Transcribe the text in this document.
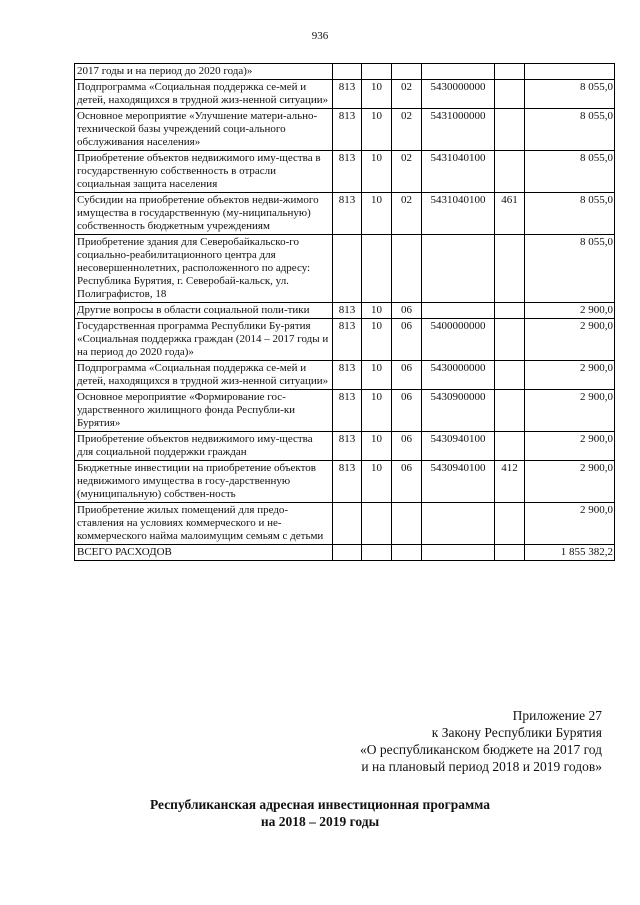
936
2017 годы и на период до 2020 года)»						
Подпрограмма «Социальная поддержка се-мей и детей, находящихся в трудной жиз-ненной ситуации»	813	10	02	5430000000		8 055,0
Основное мероприятие «Улучшение матери-ально-технической базы учреждений соци-ального обслуживания населения»	813	10	02	5431000000		8 055,0
Приобретение объектов недвижимого иму-щества в государственную собственность в отрасли социальная защита населения	813	10	02	5431040100		8 055,0
Субсидии на приобретение объектов недви-жимого имущества в государственную (му-ниципальную) собственность бюджетным учреждениям	813	10	02	5431040100	461	8 055,0
Приобретение здания для Северобайкальско-го социально-реабилитационного центра для несовершеннолетних, расположенного по адресу: Республика Бурятия, г. Северобай-кальск, ул. Полиграфистов, 18						8 055,0
Другие вопросы в области социальной поли-тики	813	10	06			2 900,0
Государственная программа Республики Бу-рятия «Социальная поддержка граждан (2014 – 2017 годы и на период до 2020 года)»	813	10	06	5400000000		2 900,0
Подпрограмма «Социальная поддержка се-мей и детей, находящихся в трудной жиз-ненной ситуации»	813	10	06	5430000000		2 900,0
Основное мероприятие «Формирование гос-ударственного жилищного фонда Республи-ки Бурятия»	813	10	06	5430900000		2 900,0
Приобретение объектов недвижимого иму-щества для социальной поддержки граждан	813	10	06	5430940100		2 900,0
Бюджетные инвестиции на приобретение объектов недвижимого имущества в госу-дарственную (муниципальную) собствен-ность	813	10	06	5430940100	412	2 900,0
Приобретение жилых помещений для предо-ставления на условиях коммерческого и не-коммерческого найма малоимущим семьям с детьми						2 900,0
ВСЕГО РАСХОДОВ						1 855 382,2
Приложение 27
к Закону Республики Бурятия
«О республиканском бюджете на 2017 год
и на плановый период 2018 и 2019 годов»
Республиканская адресная инвестиционная программа
на 2018 – 2019 годы
